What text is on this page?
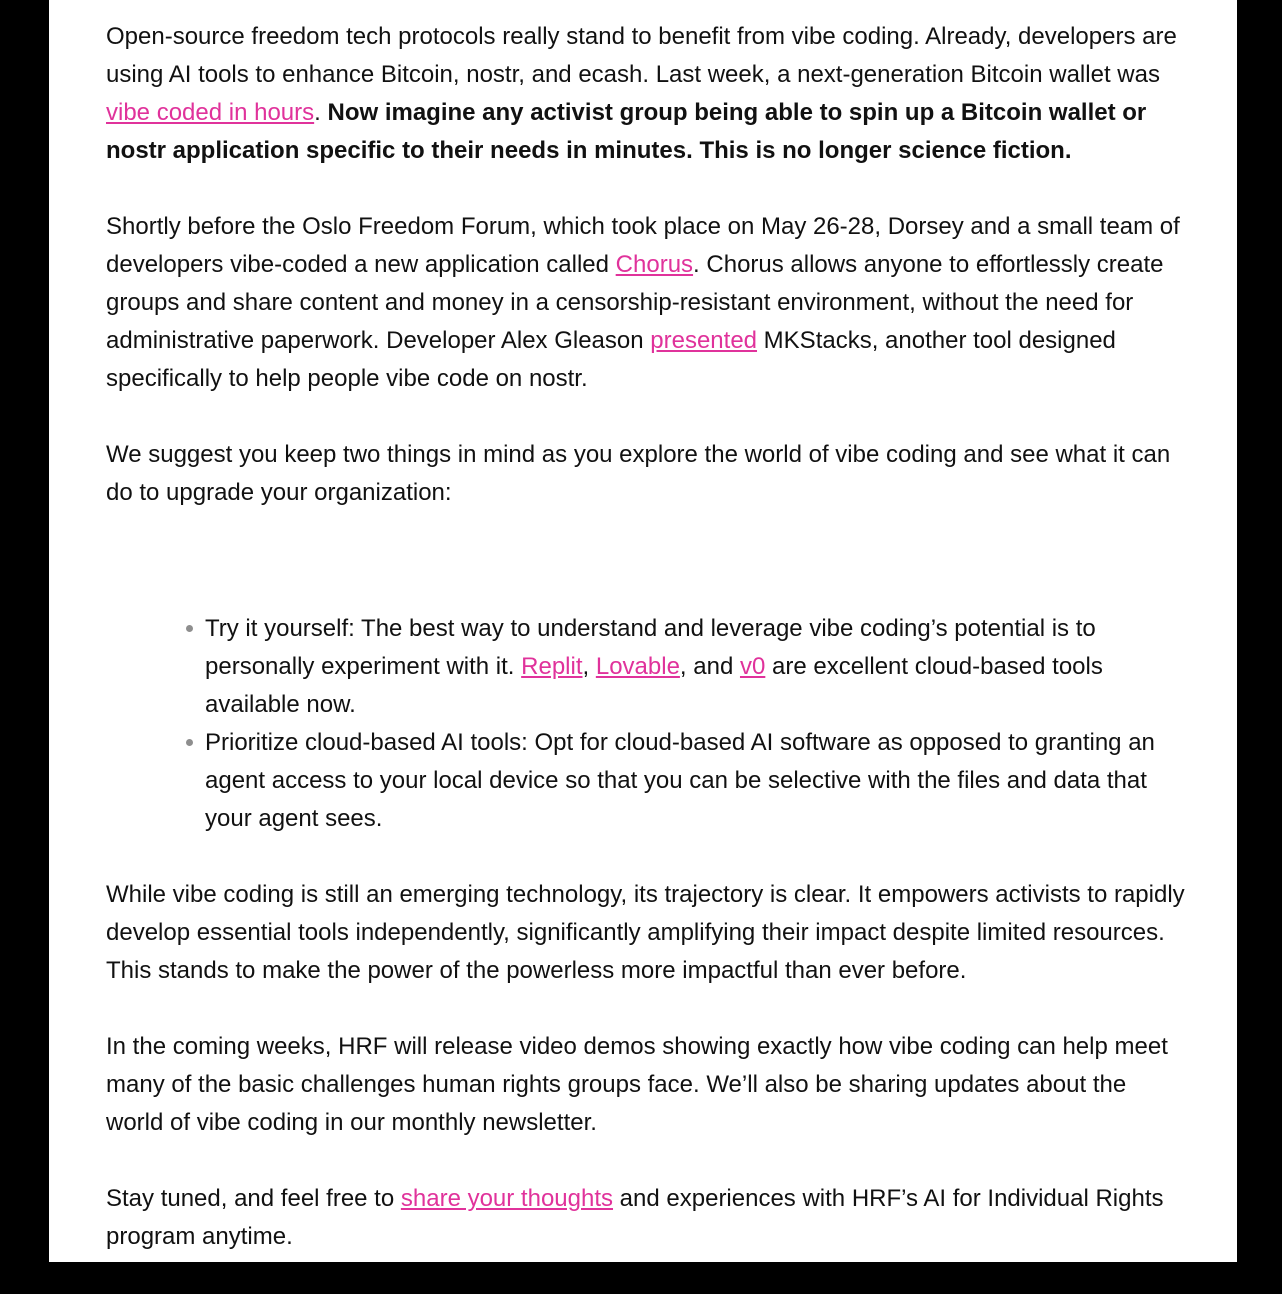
Open-source freedom tech protocols really stand to benefit from vibe coding. Already, developers are using AI tools to enhance Bitcoin, nostr, and ecash. Last week, a next-generation Bitcoin wallet was vibe coded in hours. Now imagine any activist group being able to spin up a Bitcoin wallet or nostr application specific to their needs in minutes. This is no longer science fiction.

Shortly before the Oslo Freedom Forum, which took place on May 26-28, Dorsey and a small team of developers vibe-coded a new application called Chorus. Chorus allows anyone to effortlessly create groups and share content and money in a censorship-resistant environment, without the need for administrative paperwork. Developer Alex Gleason presented MKStacks, another tool designed specifically to help people vibe code on nostr.

We suggest you keep two things in mind as you explore the world of vibe coding and see what it can do to upgrade your organization:

Try it yourself: The best way to understand and leverage vibe coding’s potential is to personally experiment with it. Replit, Lovable, and v0 are excellent cloud-based tools available now.
Prioritize cloud-based AI tools: Opt for cloud-based AI software as opposed to granting an agent access to your local device so that you can be selective with the files and data that your agent sees.

While vibe coding is still an emerging technology, its trajectory is clear. It empowers activists to rapidly develop essential tools independently, significantly amplifying their impact despite limited resources. This stands to make the power of the powerless more impactful than ever before.

In the coming weeks, HRF will release video demos showing exactly how vibe coding can help meet many of the basic challenges human rights groups face. We’ll also be sharing updates about the world of vibe coding in our monthly newsletter.

Stay tuned, and feel free to share your thoughts and experiences with HRF’s AI for Individual Rights program anytime.
